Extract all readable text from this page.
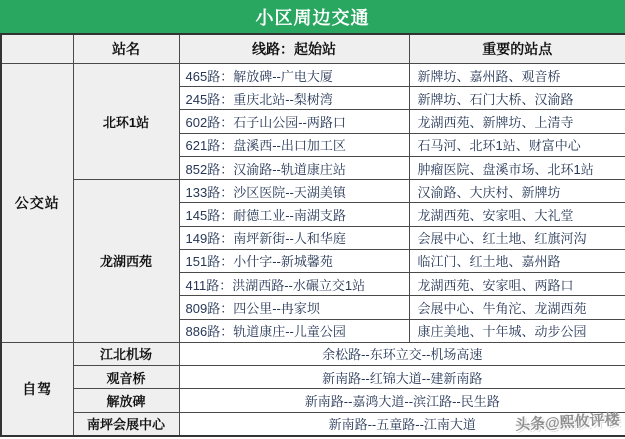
小区周边交通
	站名	线路：起始站	重要的站点
公交站	北环1站	465路：解放碑--广电大厦	新牌坊、嘉州路、观音桥
		245路：重庆北站--梨树湾	新牌坊、石门大桥、汉渝路
		602路：石子山公园--两路口	龙湖西苑、新牌坊、上清寺
		621路：盘溪西--出口加工区	石马河、北环1站、财富中心
		852路：汉渝路--轨道康庄站	肿瘤医院、盘溪市场、北环1站
	龙湖西苑	133路：沙区医院--天湖美镇	汉渝路、大庆村、新牌坊
		145路：耐德工业--南湖支路	龙湖西苑、安家咀、大礼堂
		149路：南坪新街--人和华庭	会展中心、红土地、红旗河沟
		151路：小什字--新城馨苑	临江门、红土地、嘉州路
		411路：洪湖西路--水碾立交1站	龙湖西苑、安家咀、两路口
		809路：四公里--冉家坝	会展中心、牛角沱、龙湖西苑
		886路：轨道康庄--儿童公园	康庄美地、十年城、动步公园
自驾	江北机场	余松路--东环立交--机场高速	
	观音桥	新南路--红锦大道--建新南路	
	解放碑	新南路--嘉鸿大道--滨江路--民生路	
	南坪会展中心	新南路--五童路--江南大道		头条@熙攸评楼
